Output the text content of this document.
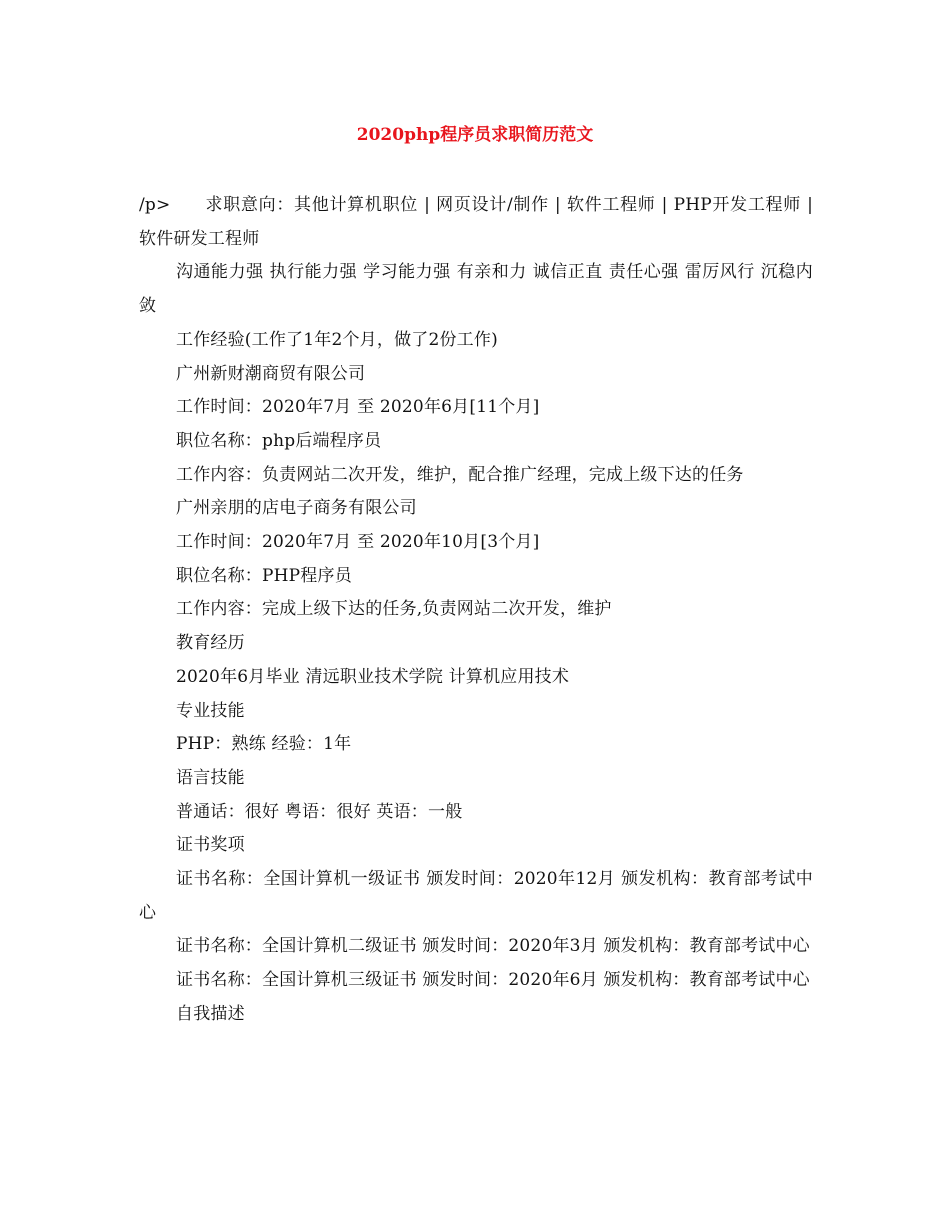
2020php程序员求职简历范文

/p> 求职意向：其他计算机职位 | 网页设计/制作 | 软件工程师 | PHP开发工程师 | 软件研发工程师

沟通能力强 执行能力强 学习能力强 有亲和力 诚信正直 责任心强 雷厉风行 沉稳内敛

工作经验(工作了1年2个月，做了2份工作)

广州新财潮商贸有限公司

工作时间：2020年7月 至 2020年6月[11个月]

职位名称：php后端程序员

工作内容：负责网站二次开发，维护，配合推广经理，完成上级下达的任务

广州亲朋的店电子商务有限公司

工作时间：2020年7月 至 2020年10月[3个月]

职位名称：PHP程序员

工作内容：完成上级下达的任务,负责网站二次开发，维护

教育经历

2020年6月毕业 清远职业技术学院 计算机应用技术

专业技能

PHP：熟练 经验：1年

语言技能

普通话：很好 粤语：很好 英语：一般

证书奖项

证书名称：全国计算机一级证书 颁发时间：2020年12月 颁发机构：教育部考试中心

证书名称：全国计算机二级证书 颁发时间：2020年3月 颁发机构：教育部考试中心

证书名称：全国计算机三级证书 颁发时间：2020年6月 颁发机构：教育部考试中心

自我描述
